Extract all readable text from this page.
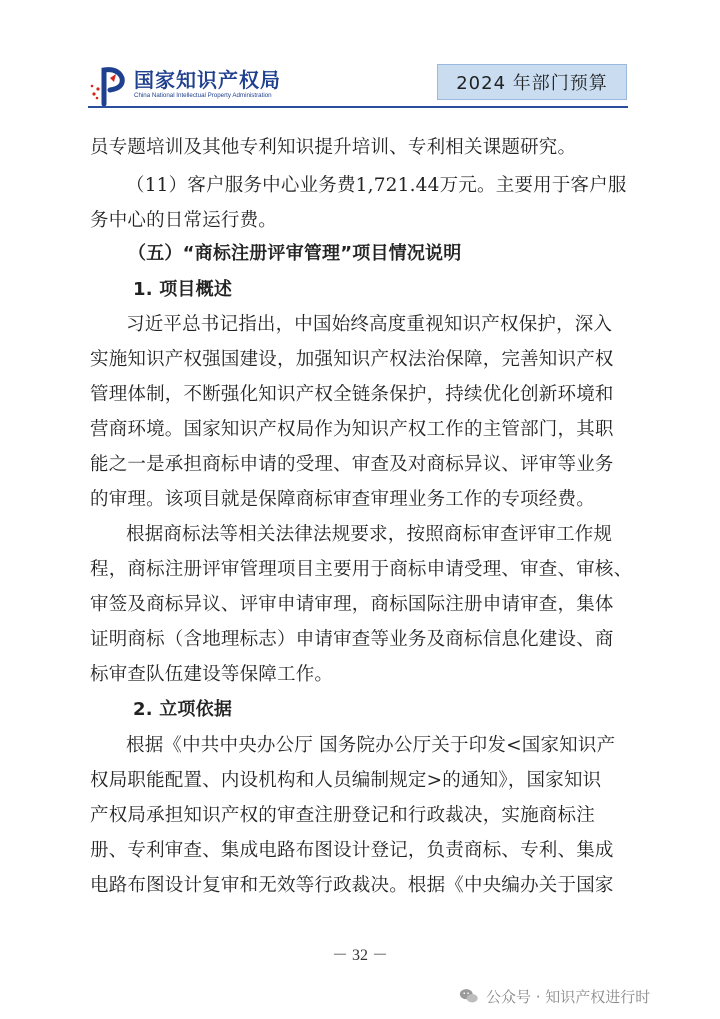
国家知识产权局
China National Intellectual Property Administration
2024 年部门预算
员专题培训及其他专利知识提升培训、专利相关课题研究。
（11）客户服务中心业务费1,721.44万元。主要用于客户服
务中心的日常运行费。
（五）“商标注册评审管理”项目情况说明
1. 项目概述
习近平总书记指出，中国始终高度重视知识产权保护，深入
实施知识产权强国建设，加强知识产权法治保障，完善知识产权
管理体制，不断强化知识产权全链条保护，持续优化创新环境和
营商环境。国家知识产权局作为知识产权工作的主管部门，其职
能之一是承担商标申请的受理、审查及对商标异议、评审等业务
的审理。该项目就是保障商标审查审理业务工作的专项经费。
根据商标法等相关法律法规要求，按照商标审查评审工作规
程，商标注册评审管理项目主要用于商标申请受理、审查、审核、
审签及商标异议、评审申请审理，商标国际注册申请审查，集体
证明商标（含地理标志）申请审查等业务及商标信息化建设、商
标审查队伍建设等保障工作。
2. 立项依据
根据《中共中央办公厅 国务院办公厅关于印发<国家知识产
权局职能配置、内设机构和人员编制规定>的通知》，国家知识
产权局承担知识产权的审查注册登记和行政裁决，实施商标注
册、专利审查、集成电路布图设计登记，负责商标、专利、集成
电路布图设计复审和无效等行政裁决。根据《中央编办关于国家
－ 32 －
公众号 · 知识产权进行时
